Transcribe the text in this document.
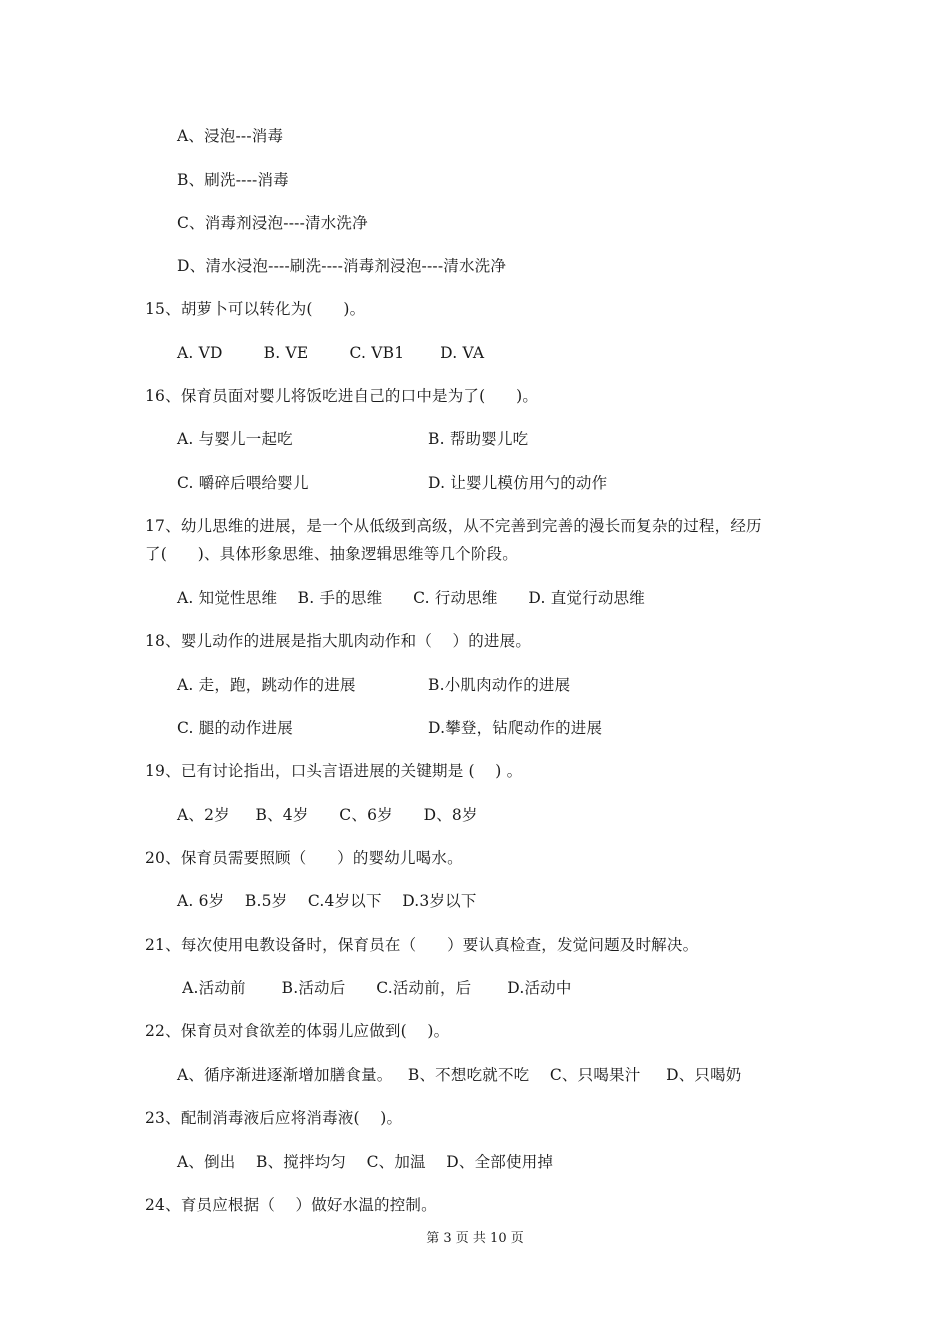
A、浸泡---消毒
B、刷洗----消毒
C、消毒剂浸泡----清水洗净
D、清水浸泡----刷洗----消毒剂浸泡----清水洗净
15、胡萝卜可以转化为(      )。
A. VD        B. VE        C. VB1       D. VA
16、保育员面对婴儿将饭吃进自己的口中是为了(      )。
A. 与婴儿一起吃	B. 帮助婴儿吃
C. 嚼碎后喂给婴儿	D. 让婴儿模仿用勺的动作
17、幼儿思维的进展，是一个从低级到高级，从不完善到完善的漫长而复杂的过程，经历
了(      )、具体形象思维、抽象逻辑思维等几个阶段。
A. 知觉性思维    B. 手的思维      C. 行动思维      D. 直觉行动思维
18、婴儿动作的进展是指大肌肉动作和（    ）的进展。
A. 走，跑，跳动作的进展	B.小肌肉动作的进展
C. 腿的动作进展	D.攀登，钻爬动作的进展
19、已有讨论指出，口头言语进展的关键期是 (    ) 。
A、2岁     B、4岁      C、6岁      D、8岁
20、保育员需要照顾（      ）的婴幼儿喝水。
A. 6岁    B.5岁    C.4岁以下    D.3岁以下
21、每次使用电教设备时，保育员在（      ）要认真检查，发觉问题及时解决。
A.活动前       B.活动后      C.活动前，后       D.活动中
22、保育员对食欲差的体弱儿应做到(    )。
A、循序渐进逐渐增加膳食量。   B、不想吃就不吃    C、只喝果汁     D、只喝奶
23、配制消毒液后应将消毒液(    )。
A、倒出    B、搅拌均匀    C、加温    D、全部使用掉
24、育员应根据（    ）做好水温的控制。
第 3 页 共 10 页
